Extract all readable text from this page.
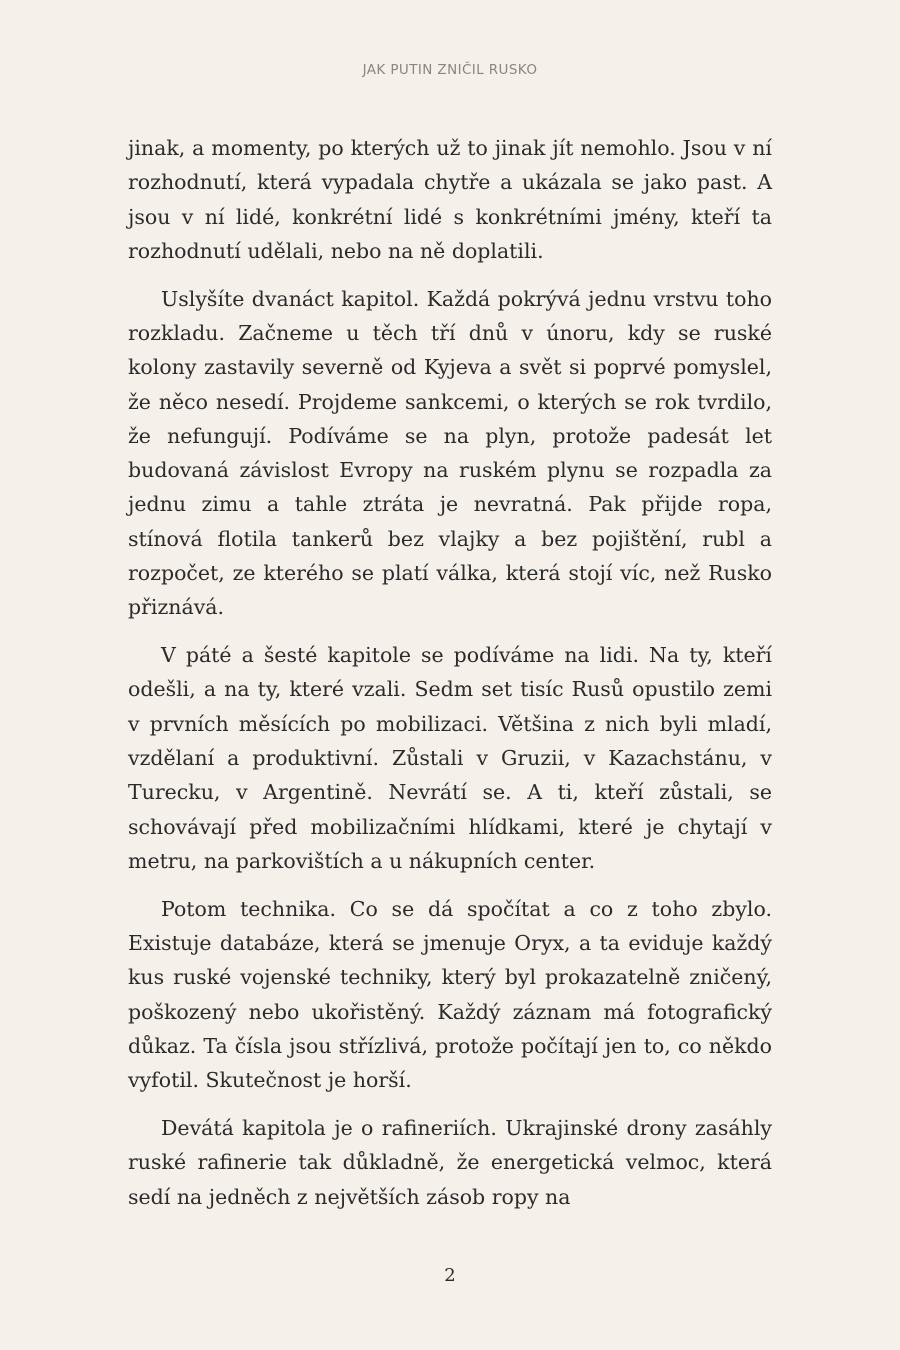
JAK PUTIN ZNIČIL RUSKO

jinak, a momenty, po kterých už to jinak jít nemohlo. Jsou v ní rozhodnutí, která vypadala chytře a ukázala se jako past. A jsou v ní lidé, konkrétní lidé s konkrétními jmény, kteří ta rozhodnutí udělali, nebo na ně doplatili.

Uslyšíte dvanáct kapitol. Každá pokrývá jednu vrstvu toho rozkladu. Začneme u těch tří dnů v únoru, kdy se ruské kolony zastavily severně od Kyjeva a svět si poprvé pomyslel, že něco nesedí. Projdeme sankcemi, o kterých se rok tvrdilo, že nefungují. Podíváme se na plyn, protože padesát let budovaná závislost Evropy na ruském plynu se rozpadla za jednu zimu a tahle ztráta je nevratná. Pak přijde ropa, stínová flotila tankerů bez vlajky a bez pojištění, rubl a rozpočet, ze kterého se platí válka, která stojí víc, než Rusko přiznává.

V páté a šesté kapitole se podíváme na lidi. Na ty, kteří odešli, a na ty, které vzali. Sedm set tisíc Rusů opustilo zemi v prvních měsících po mobilizaci. Většina z nich byli mladí, vzdělaní a produktivní. Zůstali v Gruzii, v Kazachstánu, v Turecku, v Argentině. Nevrátí se. A ti, kteří zůstali, se schovávají před mobilizačními hlídkami, které je chytají v metru, na parkovištích a u nákupních center.

Potom technika. Co se dá spočítat a co z toho zbylo. Existuje databáze, která se jmenuje Oryx, a ta eviduje každý kus ruské vojenské techniky, který byl prokazatelně zničený, poškozený nebo ukořistěný. Každý záznam má fotografický důkaz. Ta čísla jsou střízlivá, protože počítají jen to, co někdo vyfotil. Skutečnost je horší.

Devátá kapitola je o rafineriích. Ukrajinské drony zasáhly ruské rafinerie tak důkladně, že energetická velmoc, která sedí na jedněch z největších zásob ropy na

2
